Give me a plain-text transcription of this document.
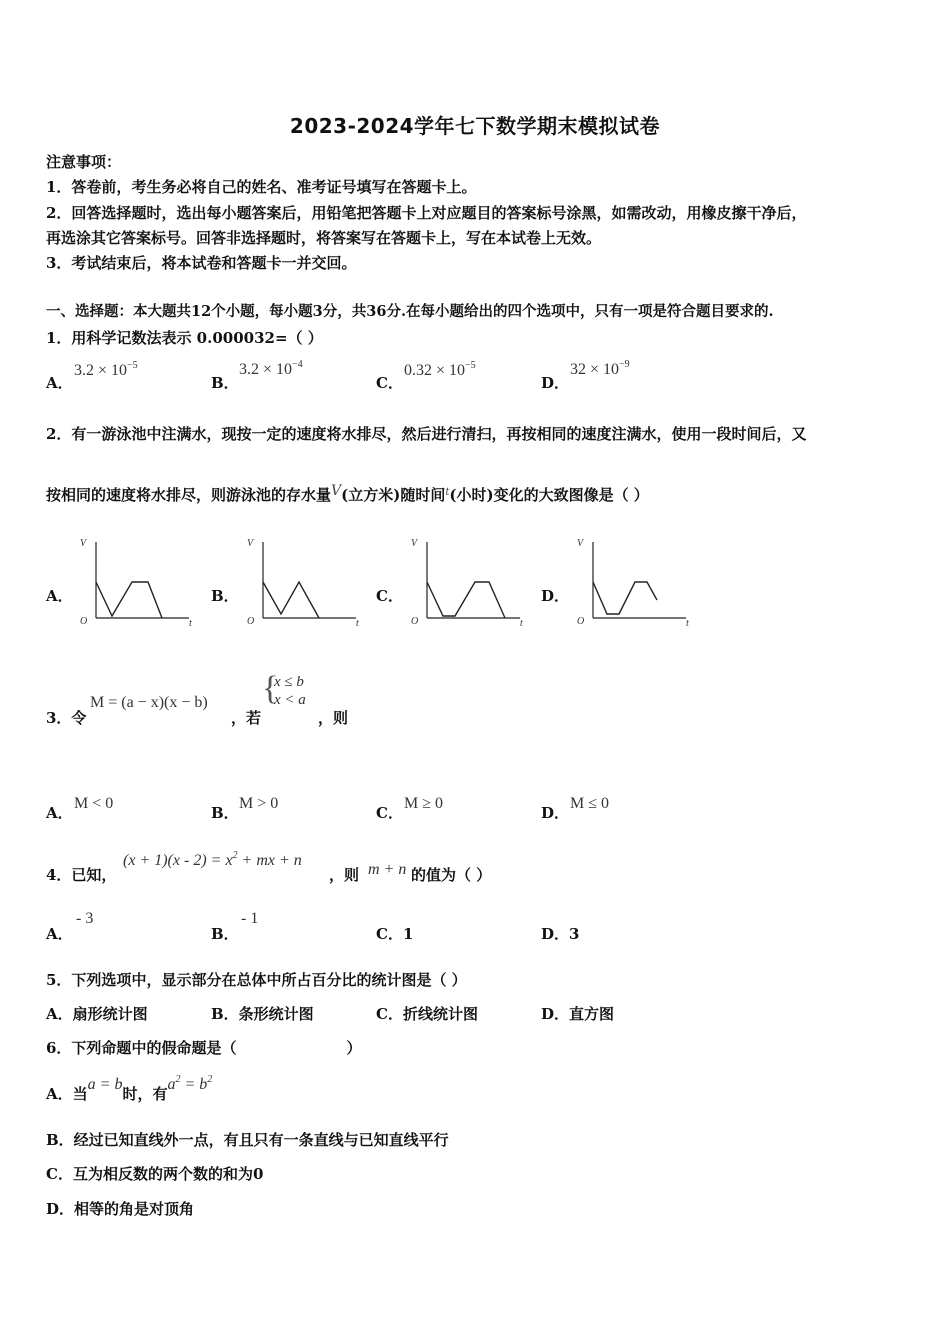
2023-2024学年七下数学期末模拟试卷
注意事项：
1．答卷前，考生务必将自己的姓名、准考证号填写在答题卡上。
2．回答选择题时，选出每小题答案后，用铅笔把答题卡上对应题目的答案标号涂黑，如需改动，用橡皮擦干净后，
再选涂其它答案标号。回答非选择题时，将答案写在答题卡上，写在本试卷上无效。
3．考试结束后，将本试卷和答题卡一并交回。
一、选择题：本大题共12个小题，每小题3分，共36分.在每小题给出的四个选项中，只有一项是符合题目要求的.
1．用科学记数法表示 0.000032=（ ）
A．
$3.2 \times 10^{-5}$
B．
$3.2 \times 10^{-4}$
C．
$0.32 \times 10^{-5}$
D．
$32 \times 10^{-9}$
2．有一游泳池中注满水，现按一定的速度将水排尽，然后进行清扫，再按相同的速度注满水，使用一段时间后，又
按相同的速度将水排尽，则游泳池的存水量V(立方米)随时间$^t$(小时)变化的大致图像是（ ）
A．
V
O	t
B．
V
O	t
C．
V
O	t
D．
V
O	t
3．令
M = (a − x)(x − b)
，若
{
x ≤ b
x < a
，则
A．
M < 0
B．
M > 0
C．
M ≥ 0
D．
M ≤ 0
4．已知，
$(x + 1)(x - 2) = x^2$ + mx + n
，则 m + n 的值为（ ）
A．
- 3
B．
- 1
C．1	D．3
5．下列选项中，显示部分在总体中所占百分比的统计图是（ ）
A．扇形统计图	B．条形统计图	C．折线统计图	D．直方图
6．下列命题中的假命题是（	）
A．当a = b时，有$a^2 = b^2$
B．经过已知直线外一点，有且只有一条直线与已知直线平行
C．互为相反数的两个数的和为0
D．相等的角是对顶角
